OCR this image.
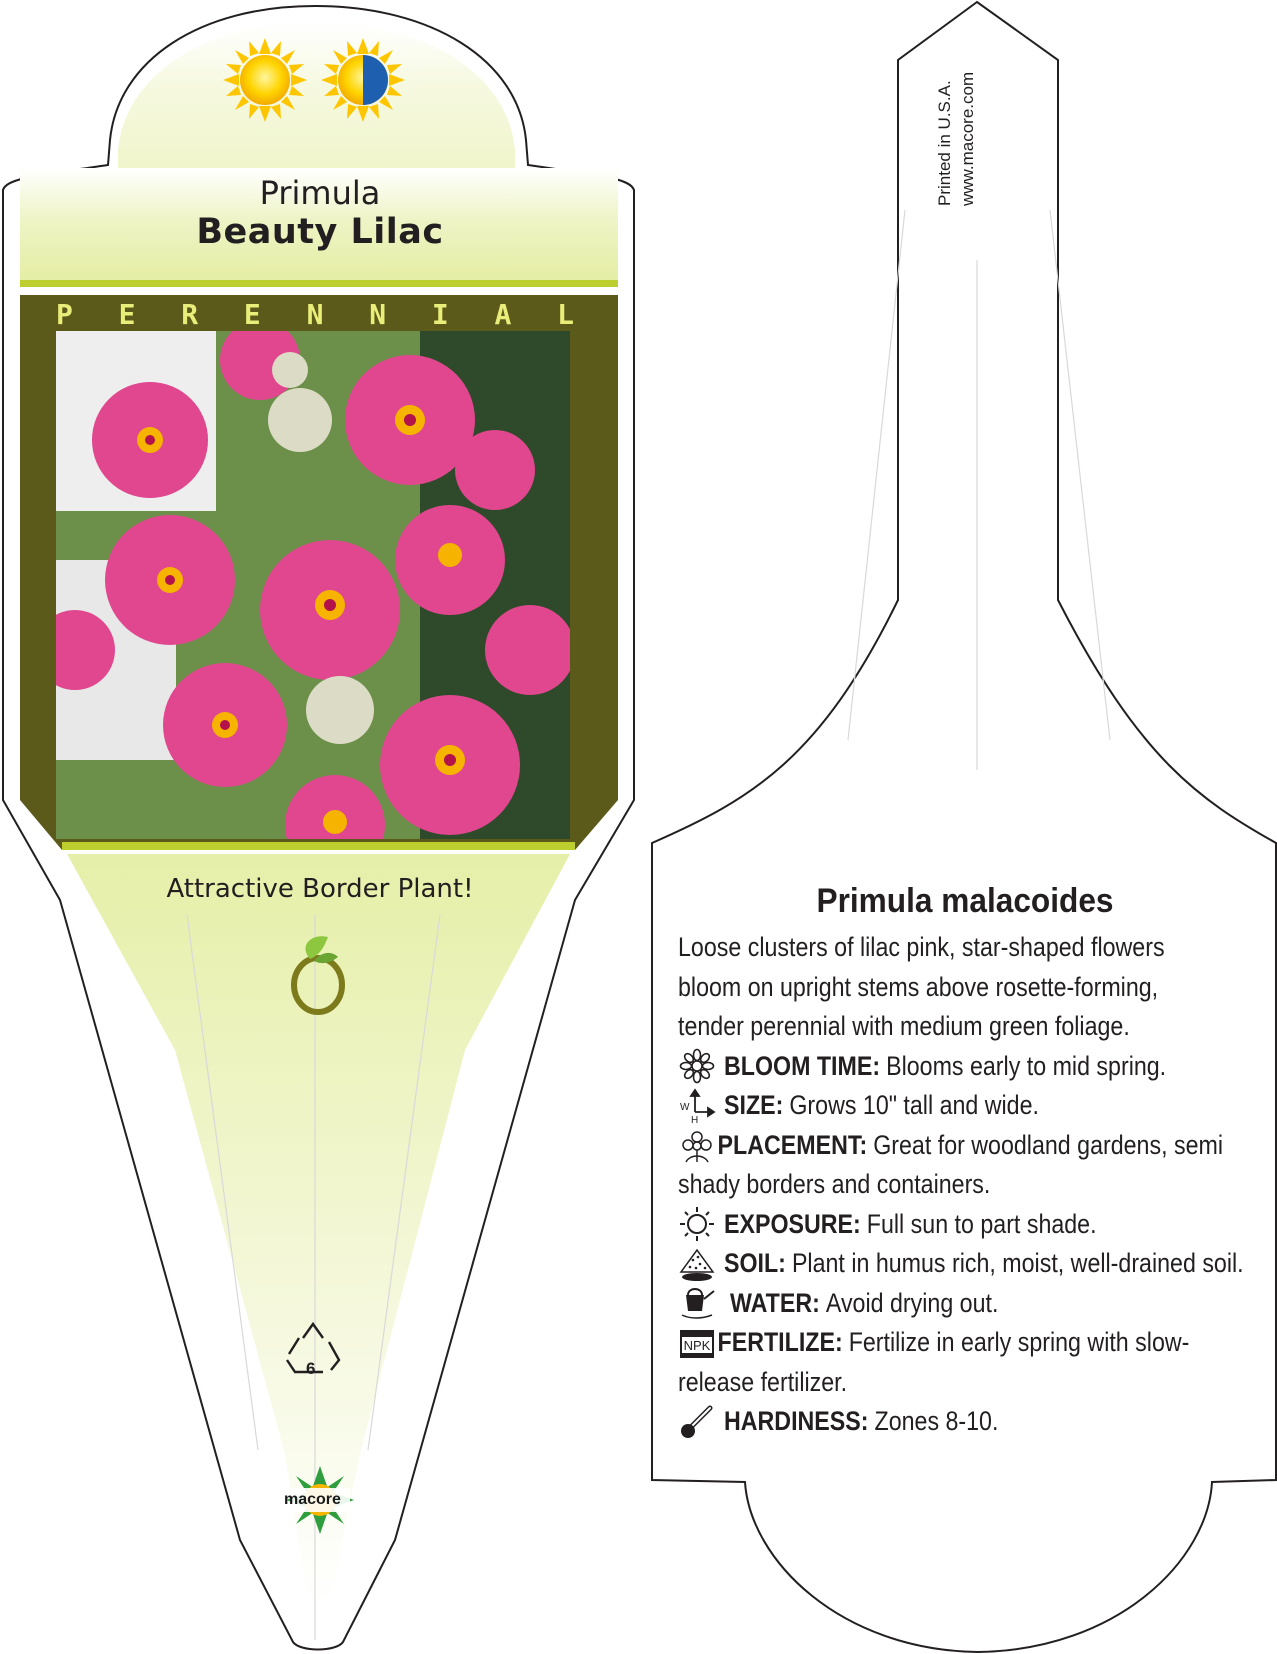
Primula
Beauty Lilac
P E R E N N I A L
Attractive Border Plant!
6
macore
Printed in U.S.A. www.macore.com
Primula malacoides

Loose clusters of lilac pink, star-shaped flowers bloom on upright stems above rosette-forming, tender perennial with medium green foliage.

BLOOM TIME: Blooms early to mid spring.
W
H
SIZE: Grows 10" tall and wide.
PLACEMENT: Great for woodland gardens, semi shady borders and containers.
EXPOSURE: Full sun to part shade.
SOIL: Plant in humus rich, moist, well-drained soil.
WATER: Avoid drying out.
NPK FERTILIZE: Fertilize in early spring with slow-release fertilizer.
HARDINESS: Zones 8-10.
